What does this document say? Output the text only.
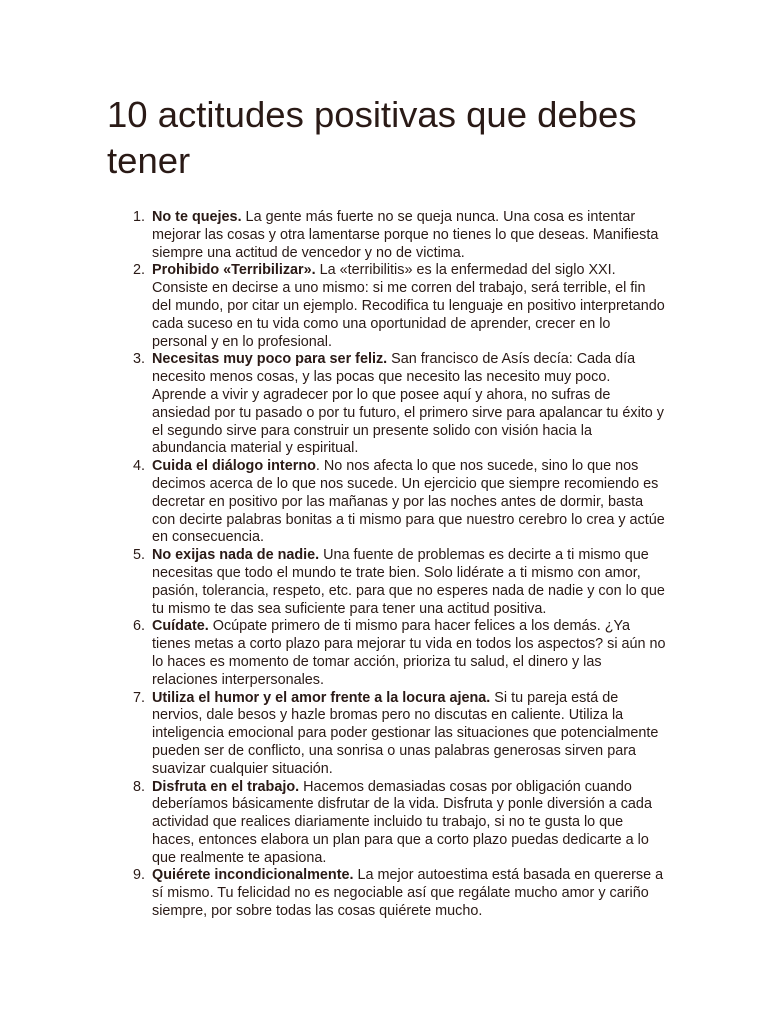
10 actitudes positivas que debes tener
1. No te quejes. La gente más fuerte no se queja nunca. Una cosa es intentar mejorar las cosas y otra lamentarse porque no tienes lo que deseas. Manifiesta siempre una actitud de vencedor y no de victima.
2. Prohibido «Terribilizar». La «terribilitis» es la enfermedad del siglo XXI. Consiste en decirse a uno mismo: si me corren del trabajo, será terrible, el fin del mundo, por citar un ejemplo. Recodifica tu lenguaje en positivo interpretando cada suceso en tu vida como una oportunidad de aprender, crecer en lo personal y en lo profesional.
3. Necesitas muy poco para ser feliz. San francisco de Asís decía: Cada día necesito menos cosas, y las pocas que necesito las necesito muy poco. Aprende a vivir y agradecer por lo que posee aquí y ahora, no sufras de ansiedad por tu pasado o por tu futuro, el primero sirve para apalancar tu éxito y el segundo sirve para construir un presente solido con visión hacia la abundancia material y espiritual.
4. Cuida el diálogo interno. No nos afecta lo que nos sucede, sino lo que nos decimos acerca de lo que nos sucede. Un ejercicio que siempre recomiendo es decretar en positivo por las mañanas y por las noches antes de dormir, basta con decirte palabras bonitas a ti mismo para que nuestro cerebro lo crea y actúe en consecuencia.
5. No exijas nada de nadie. Una fuente de problemas es decirte a ti mismo que necesitas que todo el mundo te trate bien. Solo lidérate a ti mismo con amor, pasión, tolerancia, respeto, etc. para que no esperes nada de nadie y con lo que tu mismo te das sea suficiente para tener una actitud positiva.
6. Cuídate. Ocúpate primero de ti mismo para hacer felices a los demás. ¿Ya tienes metas a corto plazo para mejorar tu vida en todos los aspectos? si aún no lo haces es momento de tomar acción, prioriza tu salud, el dinero y las relaciones interpersonales.
7. Utiliza el humor y el amor frente a la locura ajena. Si tu pareja está de nervios, dale besos y hazle bromas pero no discutas en caliente. Utiliza la inteligencia emocional para poder gestionar las situaciones que potencialmente pueden ser de conflicto, una sonrisa o unas palabras generosas sirven para suavizar cualquier situación.
8. Disfruta en el trabajo. Hacemos demasiadas cosas por obligación cuando deberíamos básicamente disfrutar de la vida. Disfruta y ponle diversión a cada actividad que realices diariamente incluido tu trabajo, si no te gusta lo que haces, entonces elabora un plan para que a corto plazo puedas dedicarte a lo que realmente te apasiona.
9. Quiérete incondicionalmente. La mejor autoestima está basada en quererse a sí mismo. Tu felicidad no es negociable así que regálate mucho amor y cariño siempre, por sobre todas las cosas quiérete mucho.
